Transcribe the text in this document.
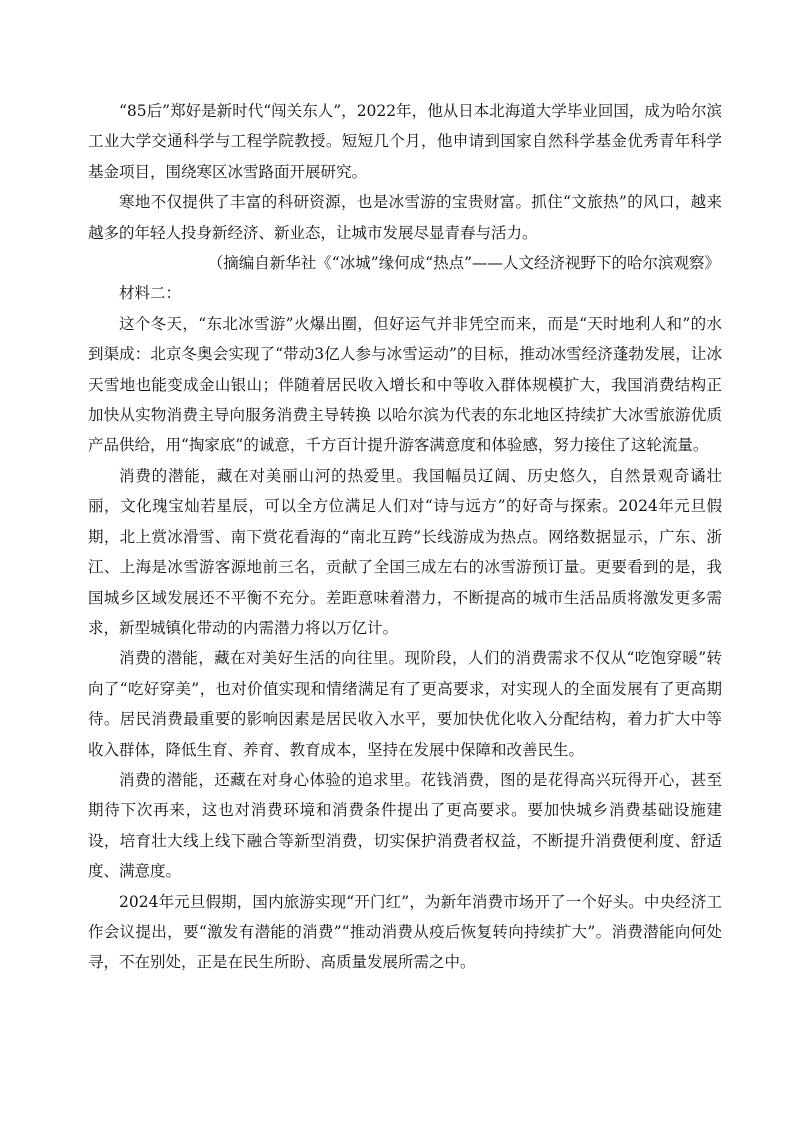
“85后”郑好是新时代“闯关东人”，2022年，他从日本北海道大学毕业回国，成为哈尔滨工业大学交通科学与工程学院教授。短短几个月，他申请到国家自然科学基金优秀青年科学基金项目，围绕寒区冰雪路面开展研究。

寒地不仅提供了丰富的科研资源，也是冰雪游的宝贵财富。抓住“文旅热”的风口，越来越多的年轻人投身新经济、新业态，让城市发展尽显青春与活力。

（摘编自新华社《“冰城”缘何成“热点”——人文经济视野下的哈尔滨观察》

材料二：

这个冬天，“东北冰雪游”火爆出圈，但好运气并非凭空而来，而是“天时地利人和”的水到渠成：北京冬奥会实现了“带动3亿人参与冰雪运动”的目标，推动冰雪经济蓬勃发展，让冰天雪地也能变成金山银山；伴随着居民收入增长和中等收入群体规模扩大，我国消费结构正加快从实物消费主导向服务消费主导转换 以哈尔滨为代表的东北地区持续扩大冰雪旅游优质产品供给，用“掏家底”的诚意，千方百计提升游客满意度和体验感，努力接住了这轮流量。

消费的潜能，藏在对美丽山河的热爱里。我国幅员辽阔、历史悠久，自然景观奇谲壮丽，文化瑰宝灿若星辰，可以全方位满足人们对“诗与远方”的好奇与探索。2024年元旦假期，北上赏冰滑雪、南下赏花看海的“南北互跨”长线游成为热点。网络数据显示，广东、浙江、上海是冰雪游客源地前三名，贡献了全国三成左右的冰雪游预订量。更要看到的是，我国城乡区域发展还不平衡不充分。差距意味着潜力，不断提高的城市生活品质将激发更多需求，新型城镇化带动的内需潜力将以万亿计。

消费的潜能，藏在对美好生活的向往里。现阶段，人们的消费需求不仅从“吃饱穿暖”转向了“吃好穿美”，也对价值实现和情绪满足有了更高要求，对实现人的全面发展有了更高期待。居民消费最重要的影响因素是居民收入水平，要加快优化收入分配结构，着力扩大中等收入群体，降低生育、养育、教育成本，坚持在发展中保障和改善民生。

消费的潜能，还藏在对身心体验的追求里。花钱消费，图的是花得高兴玩得开心，甚至期待下次再来，这也对消费环境和消费条件提出了更高要求。要加快城乡消费基础设施建设，培育壮大线上线下融合等新型消费，切实保护消费者权益，不断提升消费便利度、舒适度、满意度。

2024年元旦假期，国内旅游实现“开门红”，为新年消费市场开了一个好头。中央经济工作会议提出，要“激发有潜能的消费”“推动消费从疫后恢复转向持续扩大”。消费潜能向何处寻，不在别处，正是在民生所盼、高质量发展所需之中。
